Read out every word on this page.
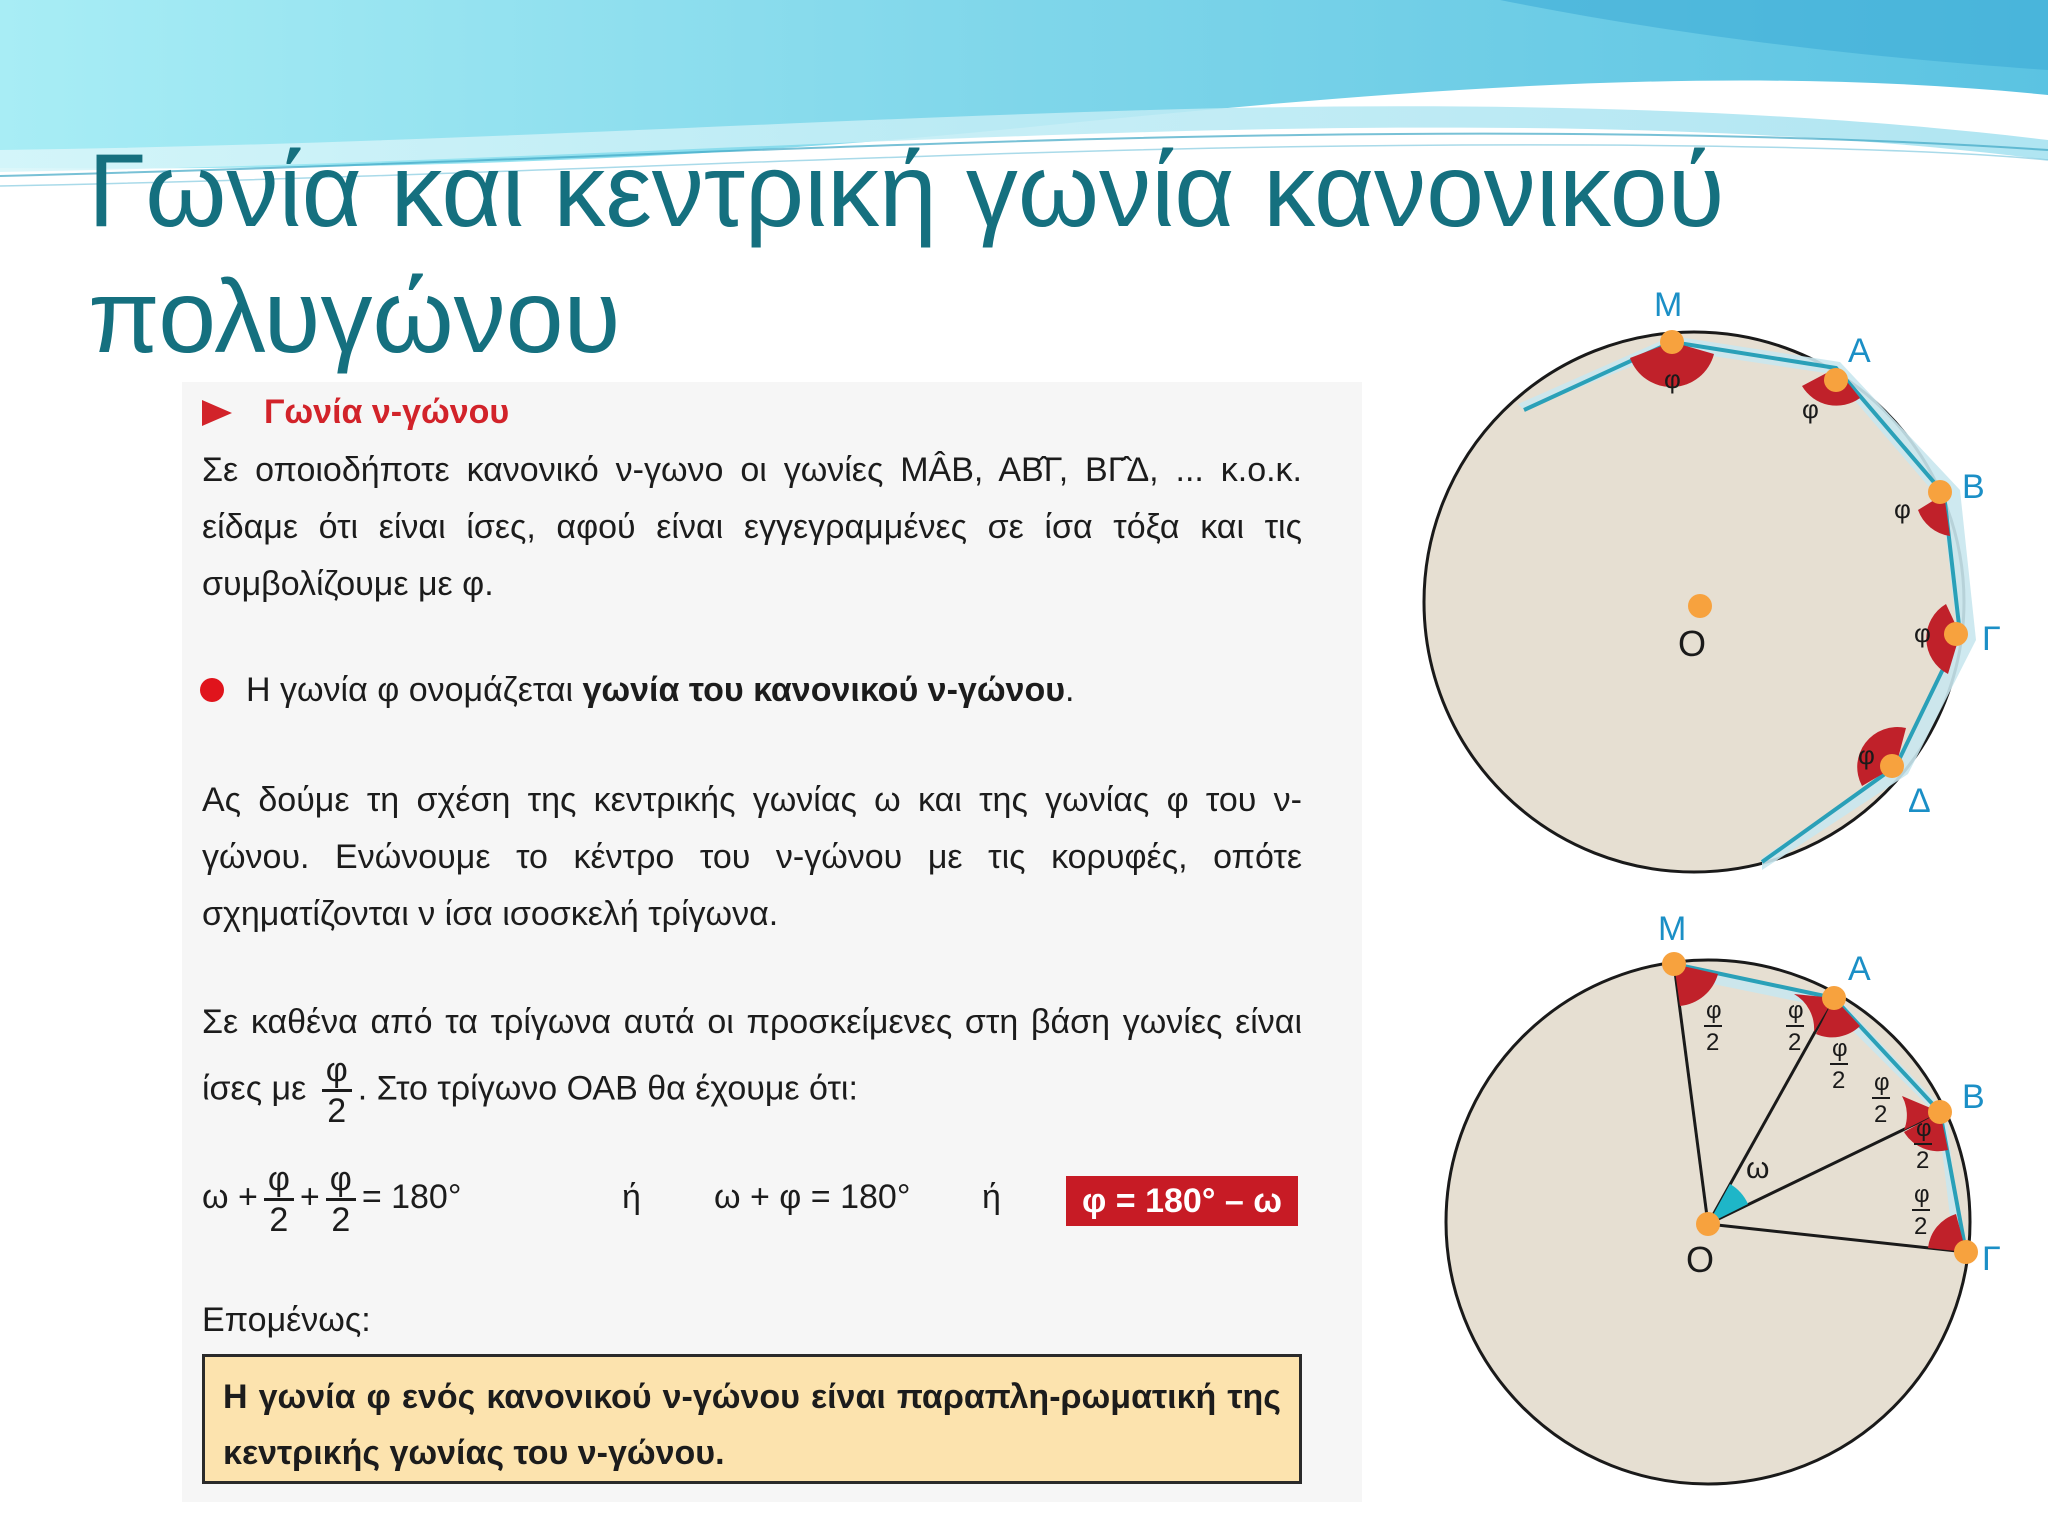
Γωνία και κεντρική γωνία κανονικού
πολυγώνου
Γωνία ν-γώνου

Σε οποιοδήποτε κανονικό ν-γωνο οι γωνίες ΜÂΒ, ΑΒ̂Γ, ΒΓ̂Δ, ... κ.ο.κ. είδαμε ότι είναι ίσες, αφού είναι εγγεγραμμένες σε ίσα τόξα και τις συμβολίζουμε με φ.

Η γωνία φ ονομάζεται γωνία του κανονικού ν-γώνου.

Ας δούμε τη σχέση της κεντρικής γωνίας ω και της γωνίας φ του ν-γώνου. Ενώνουμε το κέντρο του ν-γώνου με τις κορυφές, οπότε σχηματίζονται ν ίσα ισοσκελή τρίγωνα.

Σε καθένα από τα τρίγωνα αυτά οι προσκείμενες στη βάση γωνίες είναι ίσες με $\frac{\varphi}{2}$ . Στο τρίγωνο ΟΑΒ θα έχουμε ότι:

$\omega + \frac{\varphi}{2} + \frac{\varphi}{2} = 180^\circ$	ή ω + φ = 180° ή	φ = 180° – ω

Επομένως:

Η γωνία φ ενός κανονικού ν-γώνου είναι παραπλη-ρωματική της κεντρικής γωνίας του ν-γώνου.
Μ
Α
Β
Γ
Δ
Ο
φ
φ
φ
φ
φ
Μ
Α
Β
Γ
Ο
ω
φ
2
φ
2 φ
2 φ
2
φ
2
φ
2
